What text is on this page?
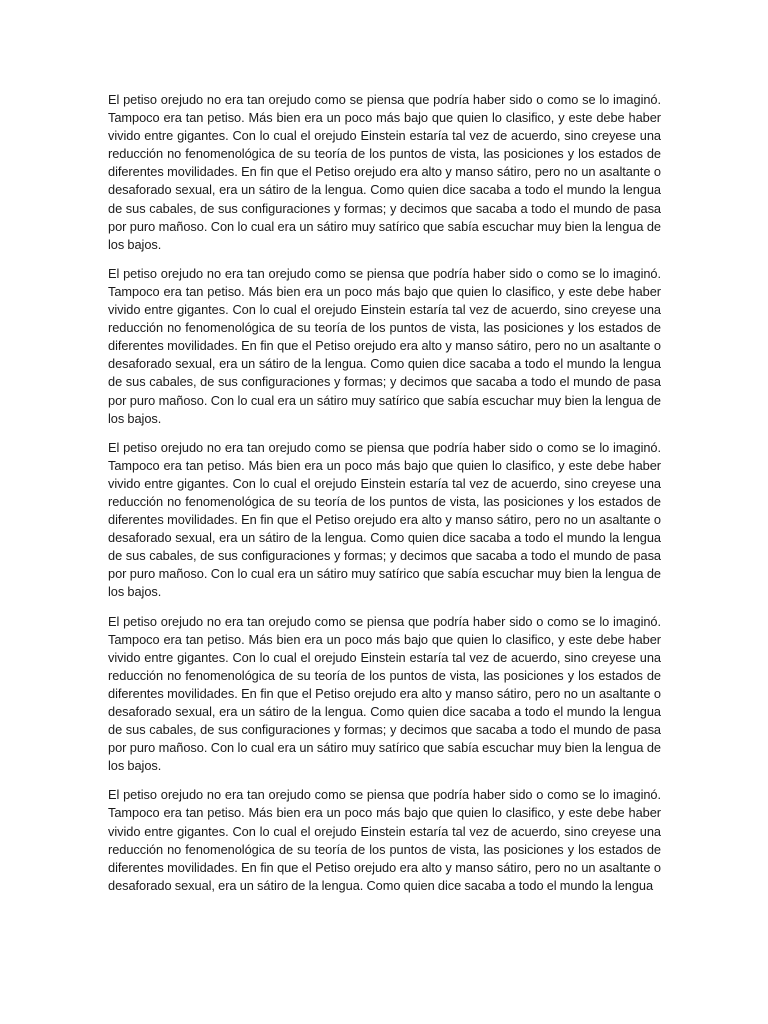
El petiso orejudo no era tan orejudo como se piensa que podría haber sido o como se lo imaginó. Tampoco era tan petiso. Más bien era un poco más bajo que quien lo clasifico, y este debe haber vivido entre gigantes. Con lo cual el orejudo Einstein estaría tal vez de acuerdo, sino creyese una reducción no fenomenológica de su teoría de los puntos de vista, las posiciones y los estados de diferentes movilidades. En fin que el Petiso orejudo era alto y manso sátiro, pero no un asaltante o desaforado sexual, era un sátiro de la lengua. Como quien dice sacaba a todo el mundo la lengua de sus cabales, de sus configuraciones y formas; y decimos que sacaba a todo el mundo de pasa por puro mañoso. Con lo cual era un sátiro muy satírico que sabía escuchar muy bien la lengua de los bajos.

El petiso orejudo no era tan orejudo como se piensa que podría haber sido o como se lo imaginó. Tampoco era tan petiso. Más bien era un poco más bajo que quien lo clasifico, y este debe haber vivido entre gigantes. Con lo cual el orejudo Einstein estaría tal vez de acuerdo, sino creyese una reducción no fenomenológica de su teoría de los puntos de vista, las posiciones y los estados de diferentes movilidades. En fin que el Petiso orejudo era alto y manso sátiro, pero no un asaltante o desaforado sexual, era un sátiro de la lengua. Como quien dice sacaba a todo el mundo la lengua de sus cabales, de sus configuraciones y formas; y decimos que sacaba a todo el mundo de pasa por puro mañoso. Con lo cual era un sátiro muy satírico que sabía escuchar muy bien la lengua de los bajos.

El petiso orejudo no era tan orejudo como se piensa que podría haber sido o como se lo imaginó. Tampoco era tan petiso. Más bien era un poco más bajo que quien lo clasifico, y este debe haber vivido entre gigantes. Con lo cual el orejudo Einstein estaría tal vez de acuerdo, sino creyese una reducción no fenomenológica de su teoría de los puntos de vista, las posiciones y los estados de diferentes movilidades. En fin que el Petiso orejudo era alto y manso sátiro, pero no un asaltante o desaforado sexual, era un sátiro de la lengua. Como quien dice sacaba a todo el mundo la lengua de sus cabales, de sus configuraciones y formas; y decimos que sacaba a todo el mundo de pasa por puro mañoso. Con lo cual era un sátiro muy satírico que sabía escuchar muy bien la lengua de los bajos.

El petiso orejudo no era tan orejudo como se piensa que podría haber sido o como se lo imaginó. Tampoco era tan petiso. Más bien era un poco más bajo que quien lo clasifico, y este debe haber vivido entre gigantes. Con lo cual el orejudo Einstein estaría tal vez de acuerdo, sino creyese una reducción no fenomenológica de su teoría de los puntos de vista, las posiciones y los estados de diferentes movilidades. En fin que el Petiso orejudo era alto y manso sátiro, pero no un asaltante o desaforado sexual, era un sátiro de la lengua. Como quien dice sacaba a todo el mundo la lengua de sus cabales, de sus configuraciones y formas; y decimos que sacaba a todo el mundo de pasa por puro mañoso. Con lo cual era un sátiro muy satírico que sabía escuchar muy bien la lengua de los bajos.

El petiso orejudo no era tan orejudo como se piensa que podría haber sido o como se lo imaginó. Tampoco era tan petiso. Más bien era un poco más bajo que quien lo clasifico, y este debe haber vivido entre gigantes. Con lo cual el orejudo Einstein estaría tal vez de acuerdo, sino creyese una reducción no fenomenológica de su teoría de los puntos de vista, las posiciones y los estados de diferentes movilidades. En fin que el Petiso orejudo era alto y manso sátiro, pero no un asaltante o desaforado sexual, era un sátiro de la lengua. Como quien dice sacaba a todo el mundo la lengua
